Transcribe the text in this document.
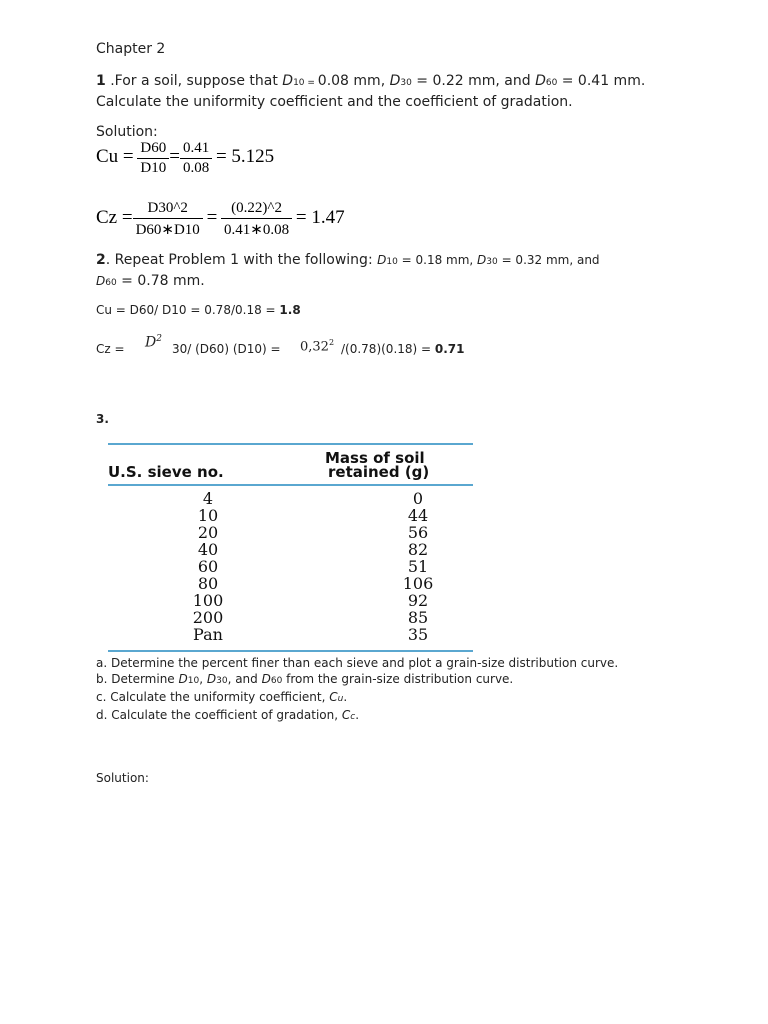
Chapter 2
1 .For a soil, suppose that D10 = 0.08 mm, D30 = 0.22 mm, and D60 = 0.41 mm.
Calculate the uniformity coefficient and the coefficient of gradation.
Solution:
$Cu = \frac{D60}{D10} = \frac{0.41}{0.08} = 5.125$
$Cz = \frac{D30\^{}2}{D60∗D10} = \frac{(0.22)\^{}2}{0.41∗0.08} = 1.47$
2. Repeat Problem 1 with the following: D10 = 0.18 mm, D30 = 0.32 mm, and
D60 = 0.78 mm.
Cu = D60/ D10 = 0.78/0.18 = 1.8
$Cz = D^2$
30/ (D60) $(D10) = 0,32^2$ /(0.78)(0.18) = 0.71
3.
Mass of soil
U.S. sieve no.	retained (g)
4	0
10	44
20	56
40	82
60	51
80	106
100	92
200	85
Pan	35
a. Determine the percent finer than each sieve and plot a grain-size distribution curve.
b. Determine D10, D30, and D60 from the grain-size distribution curve.
c. Calculate the uniformity coefficient, Cu.
d. Calculate the coefficient of gradation, Cc.
Solution:
